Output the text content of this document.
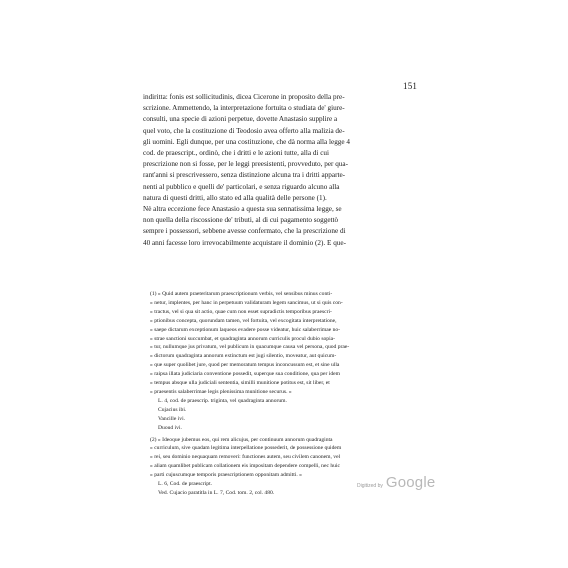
151
indiritta: fonis est sollicitudinis, dicea Cicerone in proposito della pre-
scrizione. Ammettendo, la interpretazione fortuita o studiata de' giure-
consulti, una specie di azioni perpetue, dovette Anastasio supplire a
quel voto, che la costituzione di Teodosio avea offerto alla malizia de-
gli uomini. Egli dunque, per una costituzione, che dà norma alla legge 4
cod. de praescript., ordinò, che i dritti e le azioni tutte, alla di cui
prescrizione non si fosse, per le leggi preesistenti, provveduto, per qua-
rant'anni si prescrivessero, senza distinzione alcuna tra i dritti apparte-
nenti al pubblico e quelli de' particolari, e senza riguardo alcuno alla
natura di questi dritti, allo stato ed alla qualità delle persone (1).
Nè altra eccezione fece Anastasio a questa sua sennatissima legge, se
non quella della riscossione de' tributi, al di cui pagamento soggettò
sempre i possessori, sebbene avesse confermato, che la prescrizione di
40 anni facesse loro irrevocabilmente acquistare il dominio (2). E que-
(1) » Quid autem praeteritarum praescriptionum verbis, vel sensibus minus conti-
» netur, implentes, per hanc in perpetuum validaturam legem sancimus, ut si quis con-
» tractus, vel si qua sit actio, quae cum non esset supradictis temporibus praescri-
» ptionibus concepta, quorundam tamen, vel fortuita, vel excogitata interpretatione,
» saepe dictarum exceptionum laqueos evadere posse videatur, huic salaberrimae no-
» strae sanctioni succumbat, et quadraginta annorum curriculis procul dubio sopia-
» tur, nullumque jus privatum, vel publicum in quacumque causa vel persona, quod prae-
» dictorum quadraginta annorum extinctum est jugi silentio, moveatur, aut quicum-
» que super quolibet jure, quod per memoratum tempus inconcussum est, et sine ulla
» raipsa illata judiciaria conventione possedit, superque sua conditione, qua per idem
» tempus absque ulla judiciali sententia, similli munitione potitus est, sit liber, et
» praesentis salaberrimae legis plenissima munitione securus. »
L. 4, cod. de praescrip. triginta, vel quadraginta annorum.
Cujacius ibi.
Vancille ivi.
Duoud ivi.
(2) » Ideoque jubemus eos, qui rem alicujus, per continuum annorum quadraginta
» curriculum, sive quadam legitima interpellatione possederit, de possessione quidem
» rei, seu dominio nequaquam removeri: functiones autem, seu civilem canonem, vel
» aliam quamlibet publicam collationem eis impositam dependere compelli, nec huic
» parti cujuscumque temporis praescriptionem opponitam admitti. »
L. 6, Cod. de praescript.
Ved. Cujacio paratitla in L. 7, Cod. tom. 2, col. 480.
Digitized by Google
